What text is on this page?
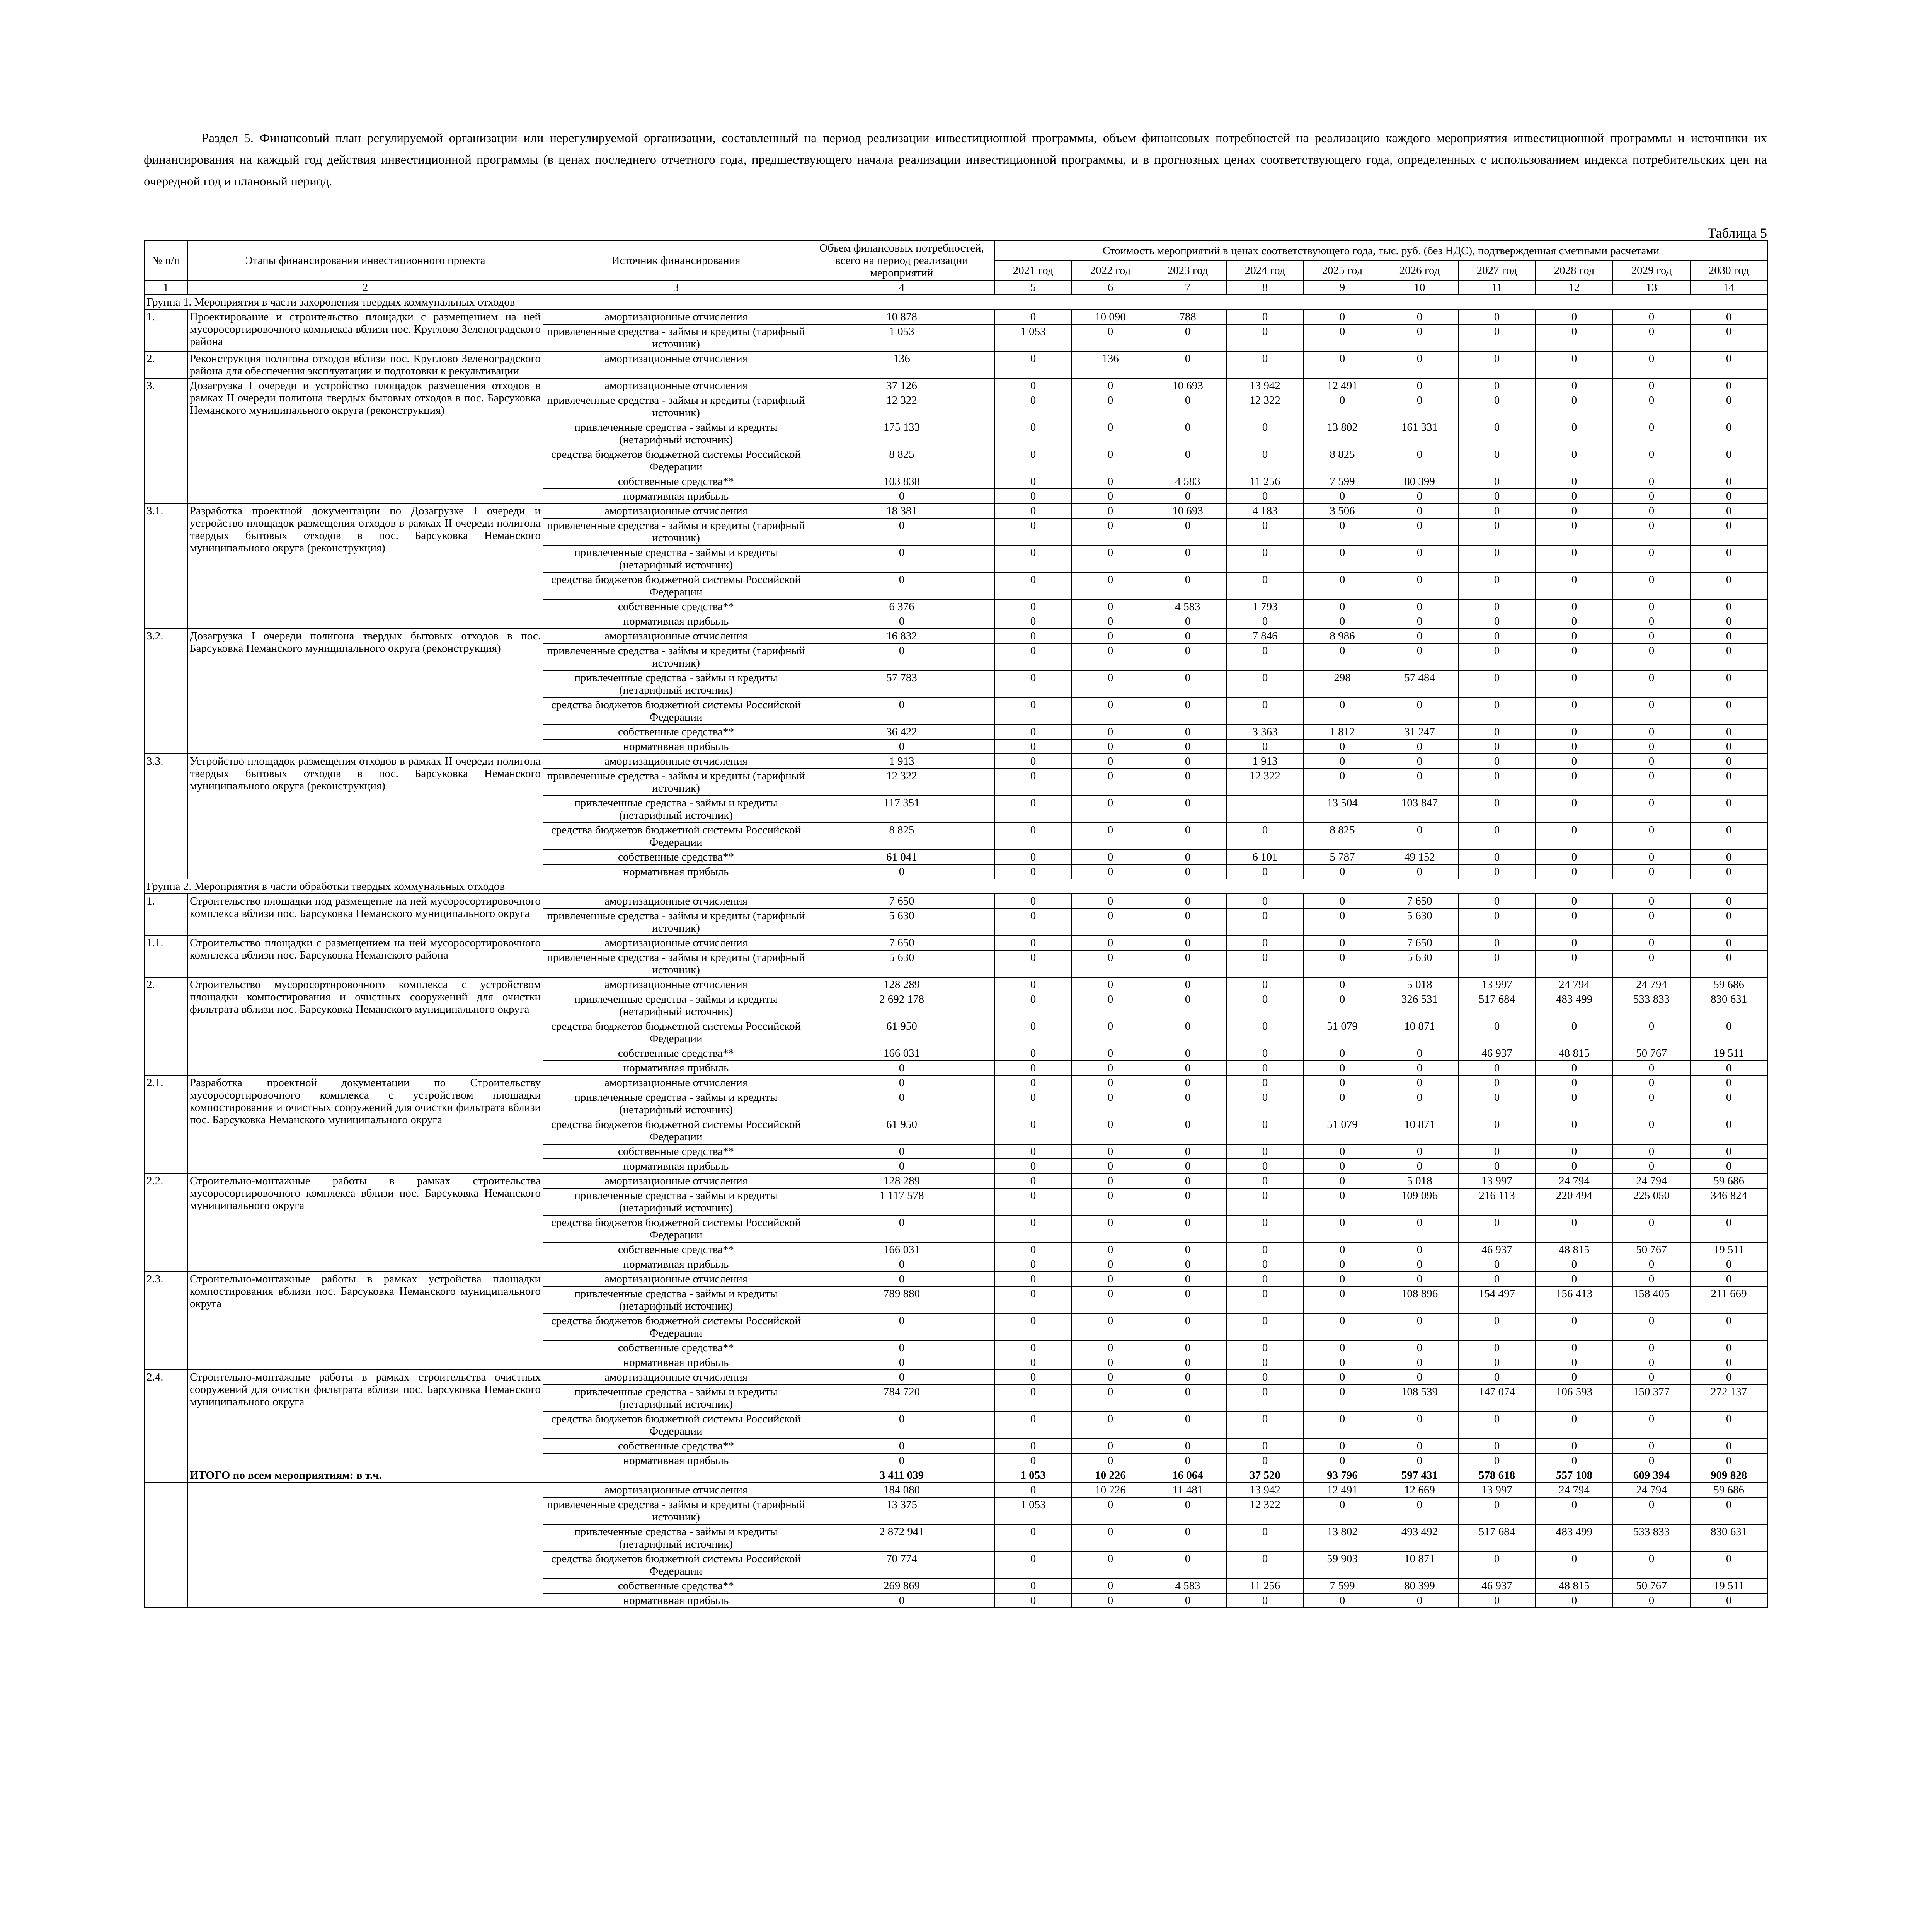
Раздел 5. Финансовый план регулируемой организации или нерегулируемой организации, составленный на период реализации инвестиционной программы, объем финансовых потребностей на реализацию каждого мероприятия инвестиционной программы и источники их финансирования на каждый год действия инвестиционной программы (в ценах последнего отчетного года, предшествующего начала реализации инвестиционной программы, и в прогнозных ценах соответствующего года, определенных с использованием индекса потребительских цен на очередной год и плановый период.
Таблица 5
№ п/п	Этапы финансирования инвестиционного проекта	Источник финансирования	Объем финансовых потребностей, всего на период реализации мероприятий	Стоимость мероприятий в ценах соответствующего года, тыс. руб. (без НДС), подтвержденная сметными расчетами									
				2021 год	2022 год	2023 год	2024 год	2025 год	2026 год	2027 год	2028 год	2029 год	2030 год
1	2	3	4	5	6	7	8	9	10	11	12	13	14
Группа 1. Мероприятия в части захоронения твердых коммунальных отходов													
1.	Проектирование и строительство площадки с размещением на ней мусоросортировочного комплекса вблизи пос. Круглово Зеленоградского района	амортизационные отчисления	10 878	0	10 090	788	0	0	0	0	0	0	0
		привлеченные средства - займы и кредиты (тарифный источник)	1 053	1 053	0	0	0	0	0	0	0	0	0
2.	Реконструкция полигона отходов вблизи пос. Круглово Зеленоградского района для обеспечения эксплуатации и подготовки к рекультивации	амортизационные отчисления	136	0	136	0	0	0	0	0	0	0	0
3.	Дозагрузка I очереди и устройство площадок размещения отходов в рамках II очереди полигона твердых бытовых отходов в пос. Барсуковка Неманского муниципального округа (реконструкция)	амортизационные отчисления	37 126	0	0	10 693	13 942	12 491	0	0	0	0	0
		привлеченные средства - займы и кредиты (тарифный источник)	12 322	0	0	0	12 322	0	0	0	0	0	0
		привлеченные средства - займы и кредиты (нетарифный источник)	175 133	0	0	0	0	13 802	161 331	0	0	0	0
		средства бюджетов бюджетной системы Российской Федерации	8 825	0	0	0	0	8 825	0	0	0	0	0
		собственные средства**	103 838	0	0	4 583	11 256	7 599	80 399	0	0	0	0
		нормативная прибыль	0	0	0	0	0	0	0	0	0	0	0
3.1.	Разработка проектной документации по Дозагрузке I очереди и устройство площадок размещения отходов в рамках II очереди полигона твердых бытовых отходов в пос. Барсуковка Неманского муниципального округа (реконструкция)	амортизационные отчисления	18 381	0	0	10 693	4 183	3 506	0	0	0	0	0
		привлеченные средства - займы и кредиты (тарифный источник)	0	0	0	0	0	0	0	0	0	0	0
		привлеченные средства - займы и кредиты (нетарифный источник)	0	0	0	0	0	0	0	0	0	0	0
		средства бюджетов бюджетной системы Российской Федерации	0	0	0	0	0	0	0	0	0	0	0
		собственные средства**	6 376	0	0	4 583	1 793	0	0	0	0	0	0
		нормативная прибыль	0	0	0	0	0	0	0	0	0	0	0
3.2.	Дозагрузка I очереди полигона твердых бытовых отходов в пос. Барсуковка Неманского муниципального округа (реконструкция)	амортизационные отчисления	16 832	0	0	0	7 846	8 986	0	0	0	0	0
		привлеченные средства - займы и кредиты (тарифный источник)	0	0	0	0	0	0	0	0	0	0	0
		привлеченные средства - займы и кредиты (нетарифный источник)	57 783	0	0	0	0	298	57 484	0	0	0	0
		средства бюджетов бюджетной системы Российской Федерации	0	0	0	0	0	0	0	0	0	0	0
		собственные средства**	36 422	0	0	0	3 363	1 812	31 247	0	0	0	0
		нормативная прибыль	0	0	0	0	0	0	0	0	0	0	0
3.3.	Устройство площадок размещения отходов в рамках II очереди полигона твердых бытовых отходов в пос. Барсуковка Неманского муниципального округа (реконструкция)	амортизационные отчисления	1 913	0	0	0	1 913	0	0	0	0	0	0
		привлеченные средства - займы и кредиты (тарифный источник)	12 322	0	0	0	12 322	0	0	0	0	0	0
		привлеченные средства - займы и кредиты (нетарифный источник)	117 351	0	0	0		13 504	103 847	0	0	0	0
		средства бюджетов бюджетной системы Российской Федерации	8 825	0	0	0	0	8 825	0	0	0	0	0
		собственные средства**	61 041	0	0	0	6 101	5 787	49 152	0	0	0	0
		нормативная прибыль	0	0	0	0	0	0	0	0	0	0	0
Группа 2. Мероприятия в части обработки твердых коммунальных отходов													
1.	Строительство площадки под размещение на ней мусоросортировочного комплекса вблизи пос. Барсуковка Неманского муниципального округа	амортизационные отчисления	7 650	0	0	0	0	0	7 650	0	0	0	0
		привлеченные средства - займы и кредиты (тарифный источник)	5 630	0	0	0	0	0	5 630	0	0	0	0
1.1.	Строительство площадки с размещением на ней мусоросортировочного комплекса вблизи пос. Барсуковка Неманского района	амортизационные отчисления	7 650	0	0	0	0	0	7 650	0	0	0	0
		привлеченные средства - займы и кредиты (тарифный источник)	5 630	0	0	0	0	0	5 630	0	0	0	0
2.	Строительство мусоросортировочного комплекса с устройством площадки компостирования и очистных сооружений для очистки фильтрата вблизи пос. Барсуковка Неманского муниципального округа	амортизационные отчисления	128 289	0	0	0	0	0	5 018	13 997	24 794	24 794	59 686
		привлеченные средства - займы и кредиты (нетарифный источник)	2 692 178	0	0	0	0	0	326 531	517 684	483 499	533 833	830 631
		средства бюджетов бюджетной системы Российской Федерации	61 950	0	0	0	0	51 079	10 871	0	0	0	0
		собственные средства**	166 031	0	0	0	0	0	0	46 937	48 815	50 767	19 511
		нормативная прибыль	0	0	0	0	0	0	0	0	0	0	0
2.1.	Разработка проектной документации по Строительству мусоросортировочного комплекса с устройством площадки компостирования и очистных сооружений для очистки фильтрата вблизи пос. Барсуковка Неманского муниципального округа	амортизационные отчисления	0	0	0	0	0	0	0	0	0	0	0
		привлеченные средства - займы и кредиты (нетарифный источник)	0	0	0	0	0	0	0	0	0	0	0
		средства бюджетов бюджетной системы Российской Федерации	61 950	0	0	0	0	51 079	10 871	0	0	0	0
		собственные средства**	0	0	0	0	0	0	0	0	0	0	0
		нормативная прибыль	0	0	0	0	0	0	0	0	0	0	0
2.2.	Строительно-монтажные работы в рамках строительства мусоросортировочного комплекса вблизи пос. Барсуковка Неманского муниципального округа	амортизационные отчисления	128 289	0	0	0	0	0	5 018	13 997	24 794	24 794	59 686
		привлеченные средства - займы и кредиты (нетарифный источник)	1 117 578	0	0	0	0	0	109 096	216 113	220 494	225 050	346 824
		средства бюджетов бюджетной системы Российской Федерации	0	0	0	0	0	0	0	0	0	0	0
		собственные средства**	166 031	0	0	0	0	0	0	46 937	48 815	50 767	19 511
		нормативная прибыль	0	0	0	0	0	0	0	0	0	0	0
2.3.	Строительно-монтажные работы в рамках устройства площадки компостирования вблизи пос. Барсуковка Неманского муниципального округа	амортизационные отчисления	0	0	0	0	0	0	0	0	0	0	0
		привлеченные средства - займы и кредиты (нетарифный источник)	789 880	0	0	0	0	0	108 896	154 497	156 413	158 405	211 669
		средства бюджетов бюджетной системы Российской Федерации	0	0	0	0	0	0	0	0	0	0	0
		собственные средства**	0	0	0	0	0	0	0	0	0	0	0
		нормативная прибыль	0	0	0	0	0	0	0	0	0	0	0
2.4.	Строительно-монтажные работы в рамках строительства очистных сооружений для очистки фильтрата вблизи пос. Барсуковка Неманского муниципального округа	амортизационные отчисления	0	0	0	0	0	0	0	0	0	0	0
		привлеченные средства - займы и кредиты (нетарифный источник)	784 720	0	0	0	0	0	108 539	147 074	106 593	150 377	272 137
		средства бюджетов бюджетной системы Российской Федерации	0	0	0	0	0	0	0	0	0	0	0
		собственные средства**	0	0	0	0	0	0	0	0	0	0	0
		нормативная прибыль	0	0	0	0	0	0	0	0	0	0	0
	ИТОГО по всем мероприятиям: в т.ч.		3 411 039	1 053	10 226	16 064	37 520	93 796	597 431	578 618	557 108	609 394	909 828
		амортизационные отчисления	184 080	0	10 226	11 481	13 942	12 491	12 669	13 997	24 794	24 794	59 686
		привлеченные средства - займы и кредиты (тарифный источник)	13 375	1 053	0	0	12 322	0	0	0	0	0	0
		привлеченные средства - займы и кредиты (нетарифный источник)	2 872 941	0	0	0	0	13 802	493 492	517 684	483 499	533 833	830 631
		средства бюджетов бюджетной системы Российской Федерации	70 774	0	0	0	0	59 903	10 871	0	0	0	0
		собственные средства**	269 869	0	0	4 583	11 256	7 599	80 399	46 937	48 815	50 767	19 511
		нормативная прибыль	0	0	0	0	0	0	0	0	0	0	0
